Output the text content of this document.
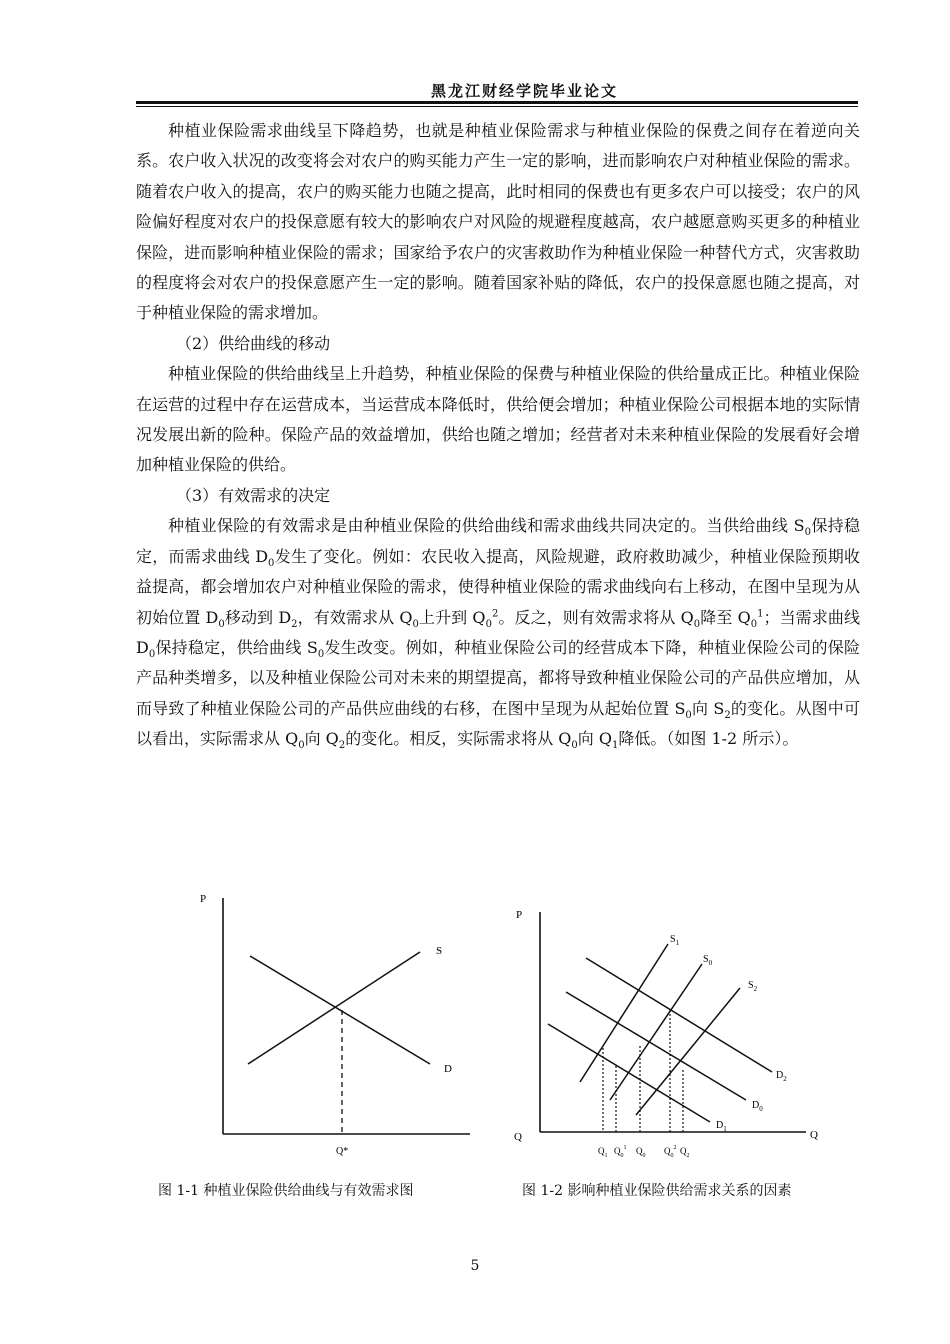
黑龙江财经学院毕业论文

种植业保险需求曲线呈下降趋势，也就是种植业保险需求与种植业保险的保费之间存在着逆向关系。农户收入状况的改变将会对农户的购买能力产生一定的影响，进而影响农户对种植业保险的需求。随着农户收入的提高，农户的购买能力也随之提高，此时相同的保费也有更多农户可以接受；农户的风险偏好程度对农户的投保意愿有较大的影响农户对风险的规避程度越高，农户越愿意购买更多的种植业保险，进而影响种植业保险的需求；国家给予农户的灾害救助作为种植业保险一种替代方式，灾害救助的程度将会对农户的投保意愿产生一定的影响。随着国家补贴的降低，农户的投保意愿也随之提高，对于种植业保险的需求增加。

（2）供给曲线的移动

种植业保险的供给曲线呈上升趋势，种植业保险的保费与种植业保险的供给量成正比。种植业保险在运营的过程中存在运营成本，当运营成本降低时，供给便会增加；种植业保险公司根据本地的实际情况发展出新的险种。保险产品的效益增加，供给也随之增加；经营者对未来种植业保险的发展看好会增加种植业保险的供给。

（3）有效需求的决定

种植业保险的有效需求是由种植业保险的供给曲线和需求曲线共同决定的。当供给曲线 $S_0$保持稳定，而需求曲线 $D_0$发生了变化。例如：农民收入提高，风险规避，政府救助减少，种植业保险预期收益提高，都会增加农户对种植业保险的需求，使得种植业保险的需求曲线向右上移动，在图中呈现为从初始位置 $D_0$移动到 $D_2$，有效需求从 $Q_0$上升到 $Q_0^2$。反之，则有效需求将从 $Q_0$降至 $Q_0^1$；当需求曲线 $D_0$保持稳定，供给曲线 $S_0$发生改变。例如，种植业保险公司的经营成本下降，种植业保险公司的保险产品种类增多，以及种植业保险公司对未来的期望提高，都将导致种植业保险公司的产品供应增加，从而导致了种植业保险公司的产品供应曲线的右移，在图中呈现为从起始位置 $S_0$向 $S_2$的变化。从图中可以看出，实际需求从 $Q_0$向 $Q_2$的变化。相反，实际需求将从 $Q_0$向 $Q_1$降低。（如图 1-2 所示）。

P
S
D
Q*
图 1-1 种植业保险供给曲线与有效需求图
P
Q	Q
$S_1$
$S_0$
$S_2$
$D_2$
$D_0$
$D_1$
$Q_1$ $Q_0^1$ $Q_0$ $Q_0^2$ $Q_2$
图 1-2 影响种植业保险供给需求关系的因素
5
